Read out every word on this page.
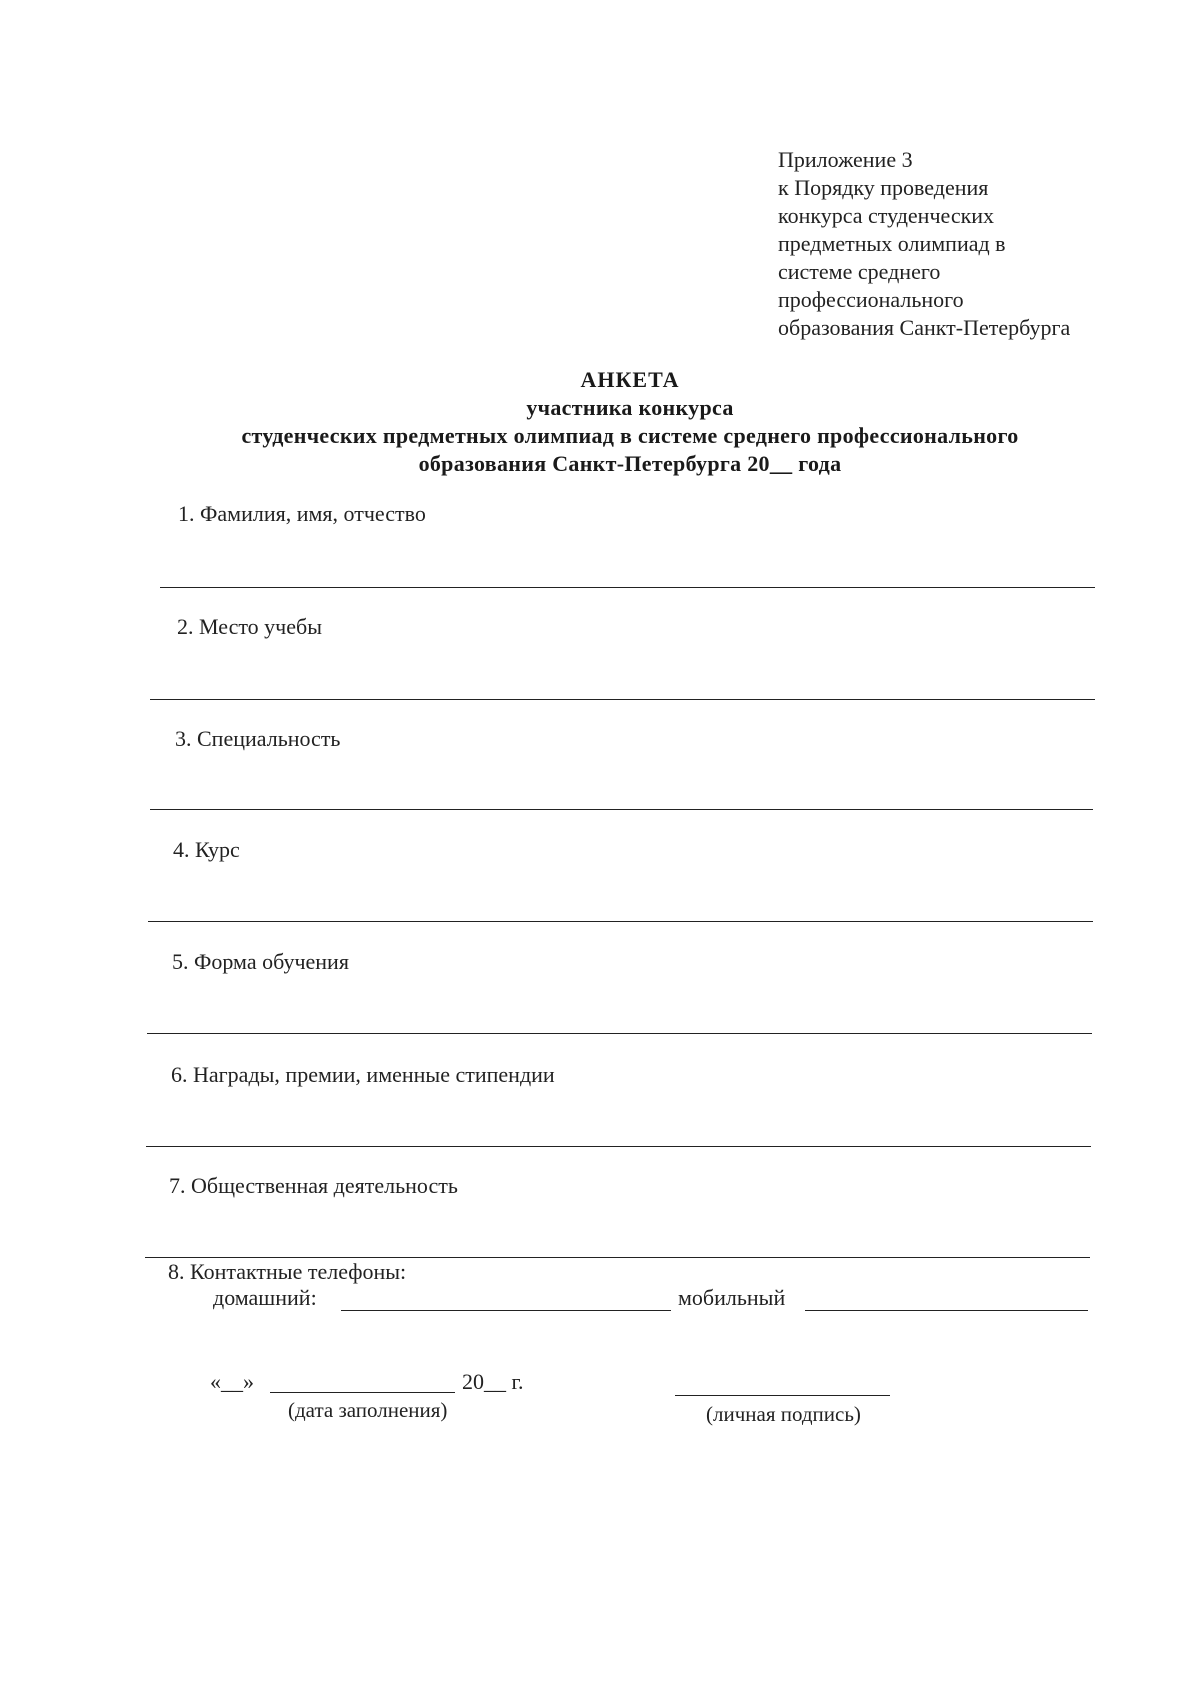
Приложение 3
к Порядку проведения
конкурса студенческих
предметных олимпиад в
системе среднего
профессионального
образования Санкт-Петербурга
АНКЕТА
участника конкурса
студенческих предметных олимпиад в системе среднего профессионального
образования Санкт-Петербурга 20__ года
1. Фамилия, имя, отчество
2. Место учебы
3. Специальность
4. Курс
5. Форма обучения
6. Награды, премии, именные стипендии
7. Общественная деятельность
8. Контактные телефоны:
домашний:	мобильный
«__»	20__ г.
(дата заполнения)	(личная подпись)
